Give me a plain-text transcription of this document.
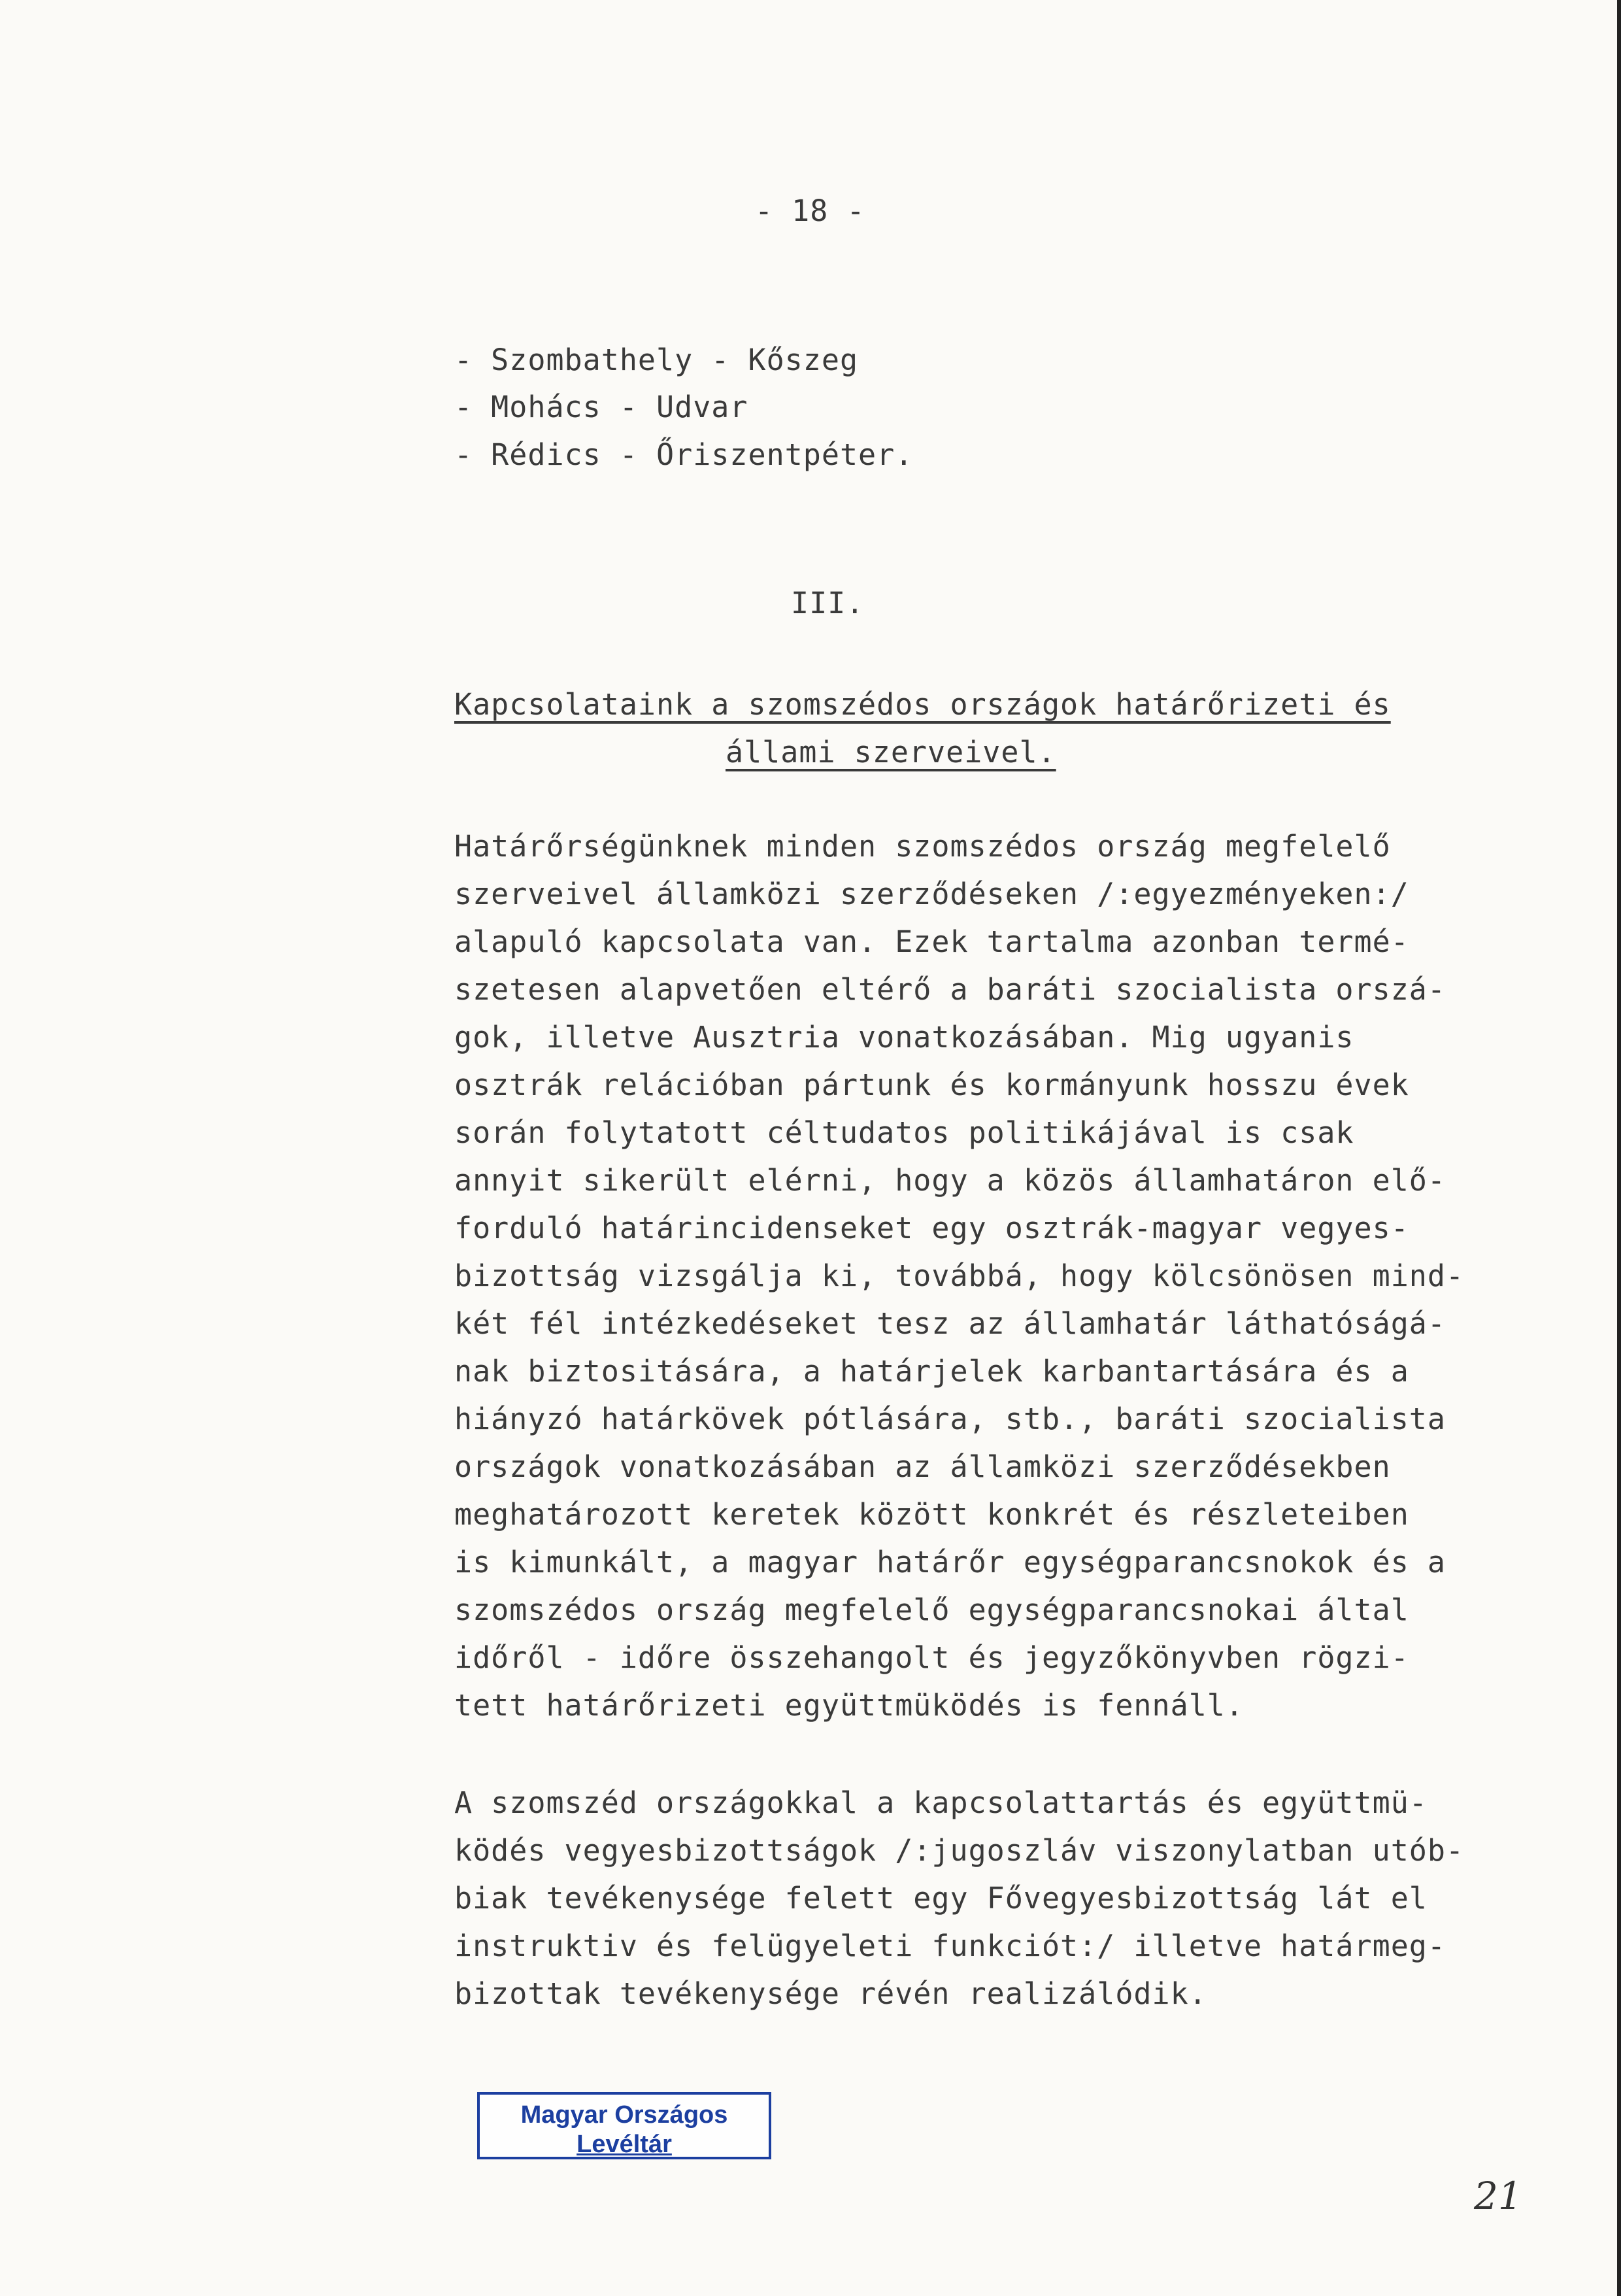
- 18 -
- Szombathely - Kőszeg
- Mohács - Udvar
- Rédics - Őriszentpéter.
III.
Kapcsolataink a szomszédos országok határőrizeti és
állami szerveivel.
Határőrségünknek minden szomszédos ország megfelelő
szerveivel államközi szerződéseken /:egyezményeken:/
alapuló kapcsolata van. Ezek tartalma azonban termé-
szetesen alapvetően eltérő a baráti szocialista orszá-
gok, illetve Ausztria vonatkozásában. Mig ugyanis
osztrák relációban pártunk és kormányunk hosszu évek
során folytatott céltudatos politikájával is csak
annyit sikerült elérni, hogy a közös államhatáron elő-
forduló határincidenseket egy osztrák-magyar vegyes-
bizottság vizsgálja ki, továbbá, hogy kölcsönösen mind-
két fél intézkedéseket tesz az államhatár láthatóságá-
nak biztositására, a határjelek karbantartására és a
hiányzó határkövek pótlására, stb., baráti szocialista
országok vonatkozásában az államközi szerződésekben
meghatározott keretek között konkrét és részleteiben
is kimunkált, a magyar határőr egységparancsnokok és a
szomszédos ország megfelelő egységparancsnokai által
időről - időre összehangolt és jegyzőkönyvben rögzi-
tett határőrizeti együttmüködés is fennáll.
A szomszéd országokkal a kapcsolattartás és együttmü-
ködés vegyesbizottságok /:jugoszláv viszonylatban utób-
biak tevékenysége felett egy Fővegyesbizottság lát el
instruktiv és felügyeleti funkciót:/ illetve határmeg-
bizottak tevékenysége révén realizálódik.
Magyar Országos
Levéltár
21
